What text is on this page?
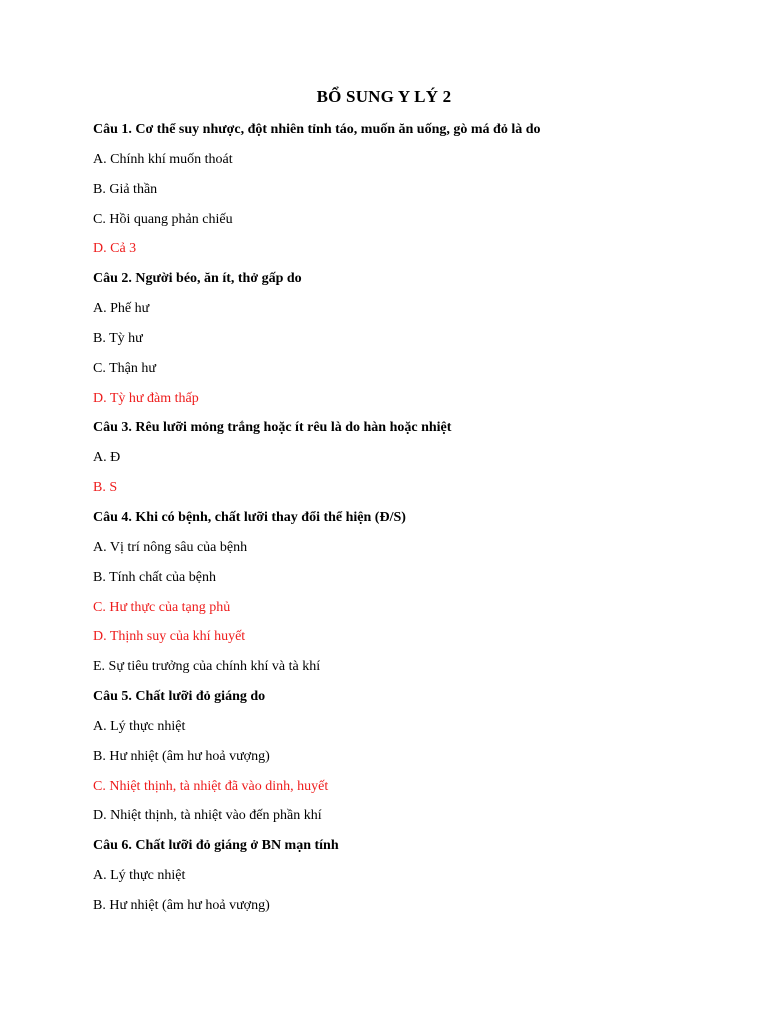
BỔ SUNG Y LÝ 2
Câu 1. Cơ thể suy nhược, đột nhiên tỉnh táo, muốn ăn uống, gò má đỏ là do
A. Chính khí muốn thoát
B. Giả thần
C. Hồi quang phản chiếu
D. Cả 3
Câu 2. Người béo, ăn ít, thở gấp do
A. Phế hư
B. Tỳ hư
C. Thận hư
D. Tỳ hư đàm thấp
Câu 3. Rêu lưỡi mỏng trắng hoặc ít rêu là do hàn hoặc nhiệt
A. Đ
B. S
Câu 4. Khi có bệnh, chất lưỡi thay đổi thể hiện (Đ/S)
A. Vị trí nông sâu của bệnh
B. Tính chất của bệnh
C. Hư thực của tạng phủ
D. Thịnh suy của khí huyết
E. Sự tiêu trưởng của chính khí và tà khí
Câu 5. Chất lưỡi đỏ giáng do
A. Lý thực nhiệt
B. Hư nhiệt (âm hư hoả vượng)
C. Nhiệt thịnh, tà nhiệt đã vào dinh, huyết
D. Nhiệt thịnh, tà nhiệt vào đến phần khí
Câu 6. Chất lưỡi đỏ giáng ở BN mạn tính
A. Lý thực nhiệt
B. Hư nhiệt (âm hư hoả vượng)
